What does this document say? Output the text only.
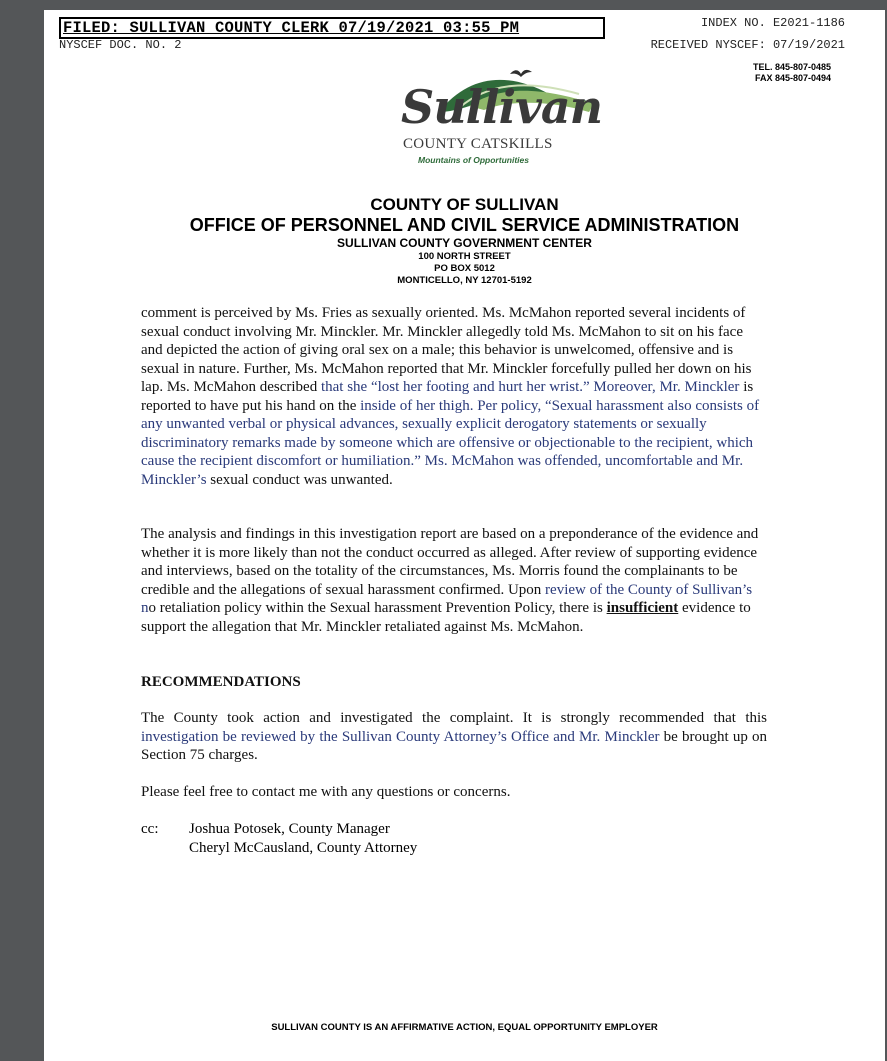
FILED: SULLIVAN COUNTY CLERK 07/19/2021 03:55 PM	INDEX NO. E2021-1186
NYSCEF DOC. NO. 2	RECEIVED NYSCEF: 07/19/2021
TEL. 845-807-0485
FAX 845-807-0494
Sullivan
COUNTY CATSKILLS
Mountains of Opportunities
COUNTY OF SULLIVAN
OFFICE OF PERSONNEL AND CIVIL SERVICE ADMINISTRATION
SULLIVAN COUNTY GOVERNMENT CENTER
100 NORTH STREET
PO BOX 5012
MONTICELLO, NY 12701-5192

comment is perceived by Ms. Fries as sexually oriented. Ms. McMahon reported several incidents of sexual conduct involving Mr. Minckler. Mr. Minckler allegedly told Ms. McMahon to sit on his face and depicted the action of giving oral sex on a male; this behavior is unwelcomed, offensive and is sexual in nature. Further, Ms. McMahon reported that Mr. Minckler forcefully pulled her down on his lap. Ms. McMahon described that she “lost her footing and hurt her wrist.” Moreover, Mr. Minckler is reported to have put his hand on the inside of her thigh. Per policy, “Sexual harassment also consists of any unwanted verbal or physical advances, sexually explicit derogatory statements or sexually discriminatory remarks made by someone which are offensive or objectionable to the recipient, which cause the recipient discomfort or humiliation.” Ms. McMahon was offended, uncomfortable and Mr. Minckler’s sexual conduct was unwanted.

The analysis and findings in this investigation report are based on a preponderance of the evidence and whether it is more likely than not the conduct occurred as alleged. After review of supporting evidence and interviews, based on the totality of the circumstances, Ms. Morris found the complainants to be credible and the allegations of sexual harassment confirmed. Upon review of the County of Sullivan’s no retaliation policy within the Sexual harassment Prevention Policy, there is insufficient evidence to support the allegation that Mr. Minckler retaliated against Ms. McMahon.

RECOMMENDATIONS

The County took action and investigated the complaint. It is strongly recommended that this investigation be reviewed by the Sullivan County Attorney’s Office and Mr. Minckler be brought up on Section 75 charges.

Please feel free to contact me with any questions or concerns.
cc:	Joshua Potosek, County Manager
Cheryl McCausland, County Attorney
SULLIVAN COUNTY IS AN AFFIRMATIVE ACTION, EQUAL OPPORTUNITY EMPLOYER
